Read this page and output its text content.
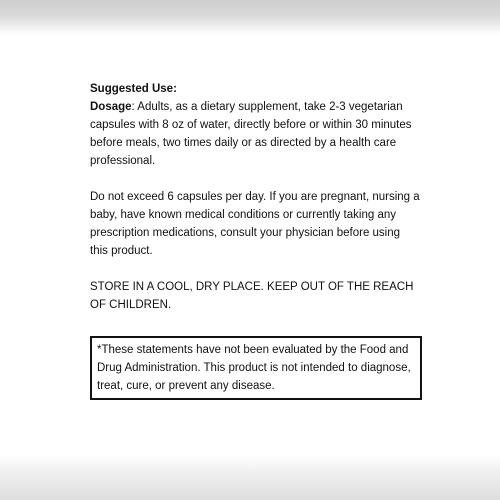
Suggested Use:

Dosage: Adults, as a dietary supplement, take 2-3 vegetarian capsules with 8 oz of water, directly before or within 30 minutes before meals, two times daily or as directed by a health care professional.

Do not exceed 6 capsules per day. If you are pregnant, nursing a baby, have known medical conditions or currently taking any prescription medications, consult your physician before using this product.

STORE IN A COOL, DRY PLACE. KEEP OUT OF THE REACH OF CHILDREN.

*These statements have not been evaluated by the Food and Drug Administration. This product is not intended to diagnose, treat, cure, or prevent any disease.
